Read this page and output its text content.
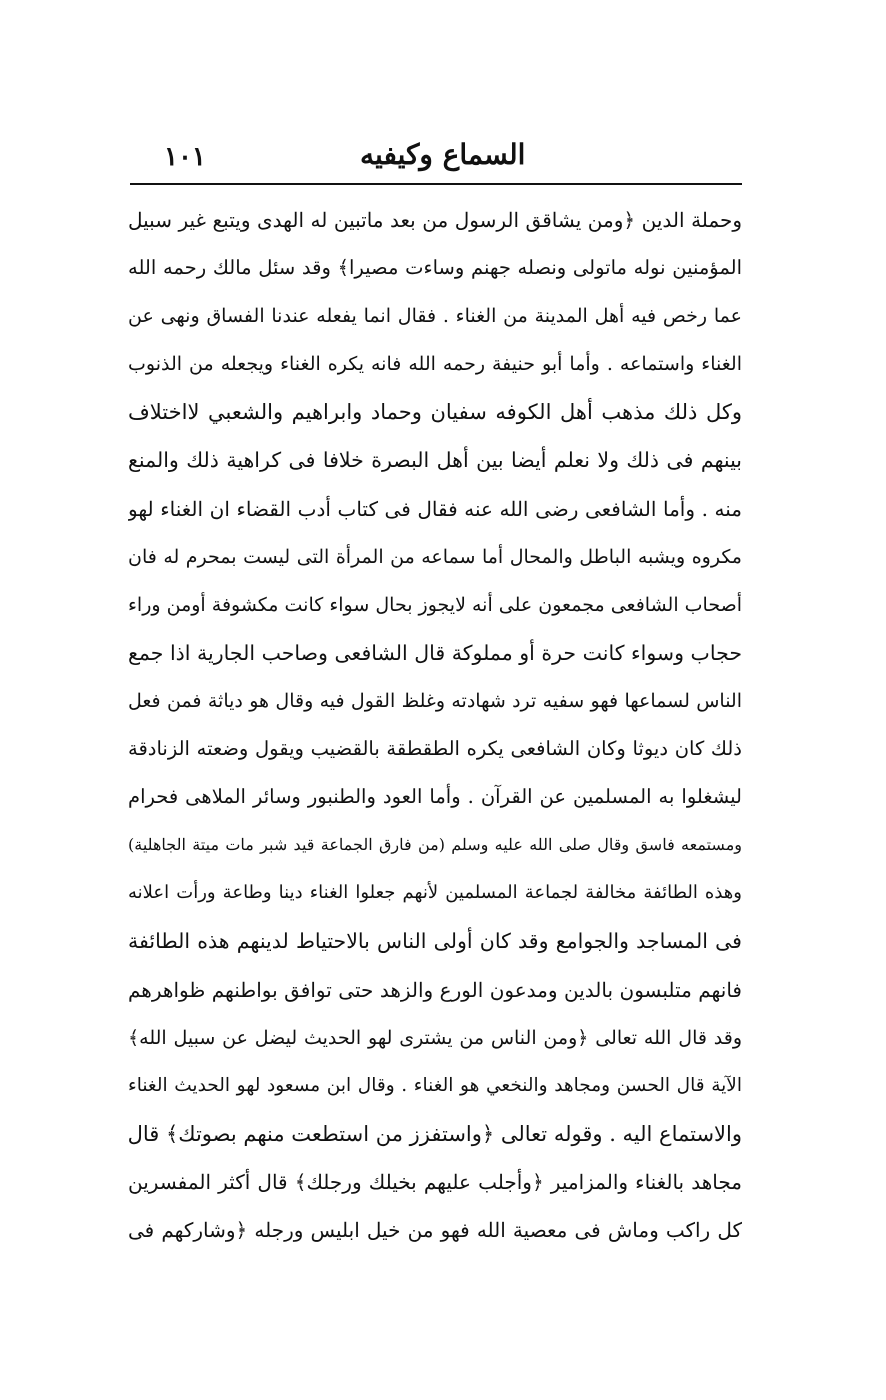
١٠١	السماع وكيفيه
وحملة الدين ﴿ومن يشاقق الرسول من بعد ماتبين له الهدى ويتبع غير سبيل
المؤمنين نوله ماتولى ونصله جهنم وساءت مصيرا﴾ وقد سئل مالك رحمه الله
عما رخص فيه أهل المدينة من الغناء . فقال انما يفعله عندنا الفساق ونهى عن
الغناء واستماعه . وأما أبو حنيفة رحمه الله فانه يكره الغناء ويجعله من الذنوب
وكل ذلك مذهب أهل الكوفه سفيان وحماد وابراهيم والشعبي لااختلاف
بينهم فى ذلك ولا نعلم أيضا بين أهل البصرة خلافا فى كراهية ذلك والمنع
منه . وأما الشافعى رضى الله عنه فقال فى كتاب أدب القضاء ان الغناء لهو
مكروه ويشبه الباطل والمحال أما سماعه من المرأة التى ليست بمحرم له فان
أصحاب الشافعى مجمعون على أنه لايجوز بحال سواء كانت مكشوفة أومن وراء
حجاب وسواء كانت حرة أو مملوكة قال الشافعى وصاحب الجارية اذا جمع
الناس لسماعها فهو سفيه ترد شهادته وغلظ القول فيه وقال هو دياثة فمن فعل
ذلك كان ديوثا وكان الشافعى يكره الطقطقة بالقضيب ويقول وضعته الزنادقة
ليشغلوا به المسلمين عن القرآن . وأما العود والطنبور وسائر الملاهى فحرام
ومستمعه فاسق وقال صلى الله عليه وسلم (من فارق الجماعة قيد شبر مات ميتة الجاهلية)
وهذه الطائفة مخالفة لجماعة المسلمين لأنهم جعلوا الغناء دينا وطاعة ورأت اعلانه
فى المساجد والجوامع وقد كان أولى الناس بالاحتياط لدينهم هذه الطائفة
فانهم متلبسون بالدين ومدعون الورع والزهد حتى توافق بواطنهم ظواهرهم
وقد قال الله تعالى ﴿ومن الناس من يشترى لهو الحديث ليضل عن سبيل الله﴾
الآية قال الحسن ومجاهد والنخعي هو الغناء . وقال ابن مسعود لهو الحديث الغناء
والاستماع اليه . وقوله تعالى ﴿واستفزز من استطعت منهم بصوتك﴾ قال
مجاهد بالغناء والمزامير ﴿وأجلب عليهم بخيلك ورجلك﴾ قال أكثر المفسرين
كل راكب وماش فى معصية الله فهو من خيل ابليس ورجله ﴿وشاركهم فى
